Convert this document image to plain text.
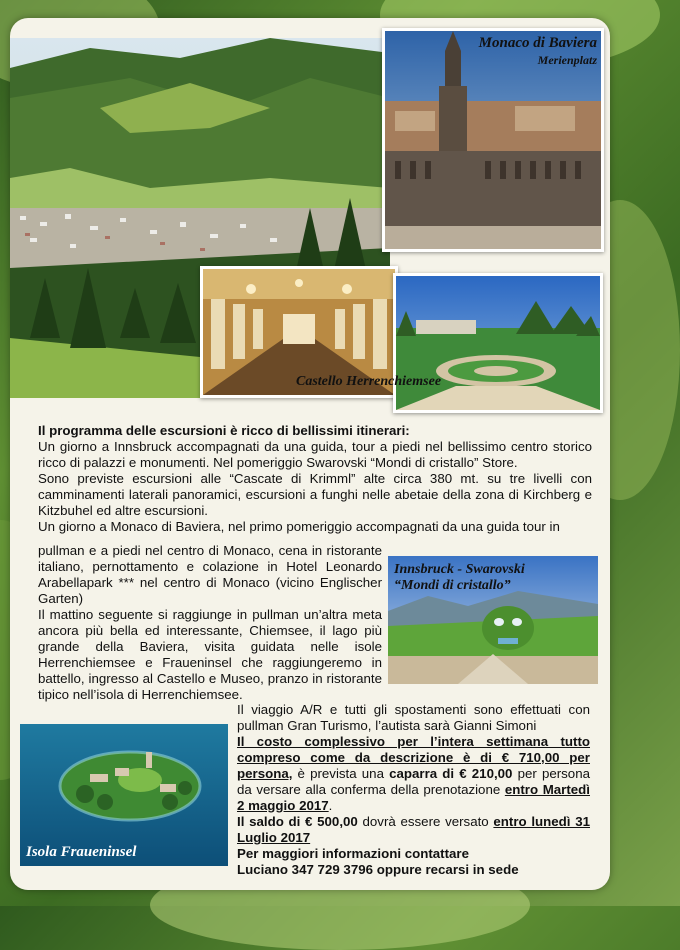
Monaco di Baviera
Merienplatz
Castello Herrenchiemsee

Il programma delle escursioni è ricco di bellissimi itinerari:

Un giorno a Innsbruck accompagnati da una guida, tour a piedi nel bellissimo centro storico ricco di palazzi e monumenti. Nel pomeriggio Swarovski “Mondi di cristallo” Store.

Sono previste escursioni alle “Cascate di Krimml” alte circa 380 mt. su tre livelli con camminamenti laterali panoramici, escursioni a funghi nelle abetaie della zona di Kirchberg e Kitzbuhel ed altre escursioni.

Un giorno a Monaco di Baviera, nel primo pomeriggio accompagnati da una guida tour in

pullman e a piedi nel centro di Monaco, cena in ristorante italiano, pernottamento e colazione in Hotel Leonardo Arabellapark *** nel centro di Monaco (vicino Englischer Garten)

Il mattino seguente si raggiunge in pullman un’altra meta ancora più bella ed interessante, Chiemsee, il lago più grande della Baviera, visita guidata nelle isole Herrenchiemsee e Fraueninsel che raggiungeremo in battello, ingresso al Castello e Museo, pranzo in ristorante tipico nell’isola di Herrenchiemsee.

Innsbruck - Swarovski
“Mondi di cristallo”
Isola Fraueninsel

Il viaggio A/R e tutti gli spostamenti sono effettuati con pullman Gran Turismo, l’autista sarà Gianni Simoni

Il costo complessivo per l’intera settimana tutto compreso come da descrizione è di € 710,00 per persona, è prevista una caparra di € 210,00 per persona da versare alla conferma della prenotazione entro Martedì 2 maggio 2017.

Il saldo di € 500,00 dovrà essere versato entro lunedì 31 Luglio 2017

Per maggiori informazioni contattare

Luciano 347 729 3796 oppure recarsi in sede
